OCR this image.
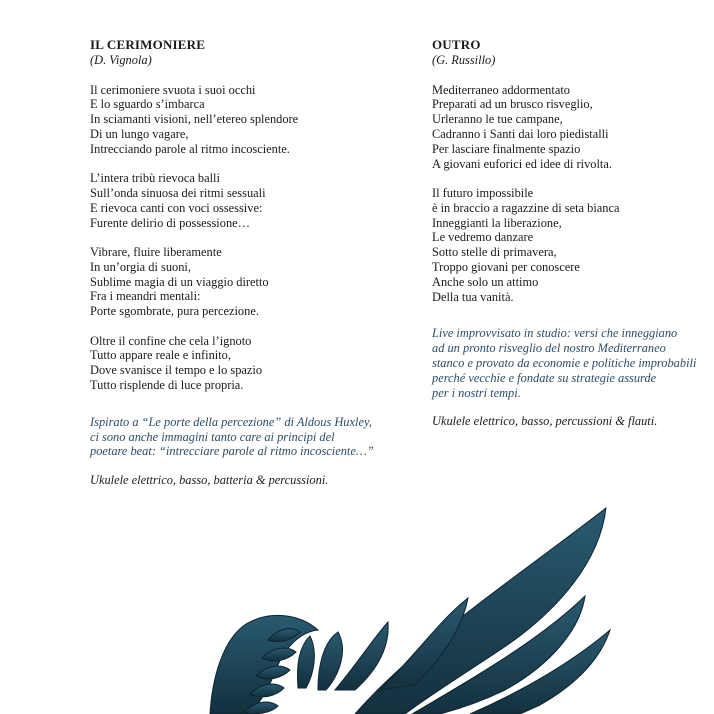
IL CERIMONIERE
(D. Vignola)
Il cerimoniere svuota i suoi occhi
E lo sguardo s’imbarca
In sciamanti visioni, nell’etereo splendore
Di un lungo vagare,
Intrecciando parole al ritmo incosciente.
L’intera tribù rievoca balli
Sull’onda sinuosa dei ritmi sessuali
E rievoca canti con voci ossessive:
Furente delirio di possessione…
Vibrare, fluire liberamente
In un’orgia di suoni,
Sublime magia di un viaggio diretto
Fra i meandri mentali:
Porte sgombrate, pura percezione.
Oltre il confine che cela l’ignoto
Tutto appare reale e infinito,
Dove svanisce il tempo e lo spazio
Tutto risplende di luce propria.
Ispirato a “Le porte della percezione” di Aldous Huxley,
ci sono anche immagini tanto care ai principi del
poetare beat: “intrecciare parole al ritmo incosciente…”
Ukulele elettrico, basso, batteria & percussioni.
OUTRO
(G. Russillo)
Mediterraneo addormentato
Preparati ad un brusco risveglio,
Urleranno le tue campane,
Cadranno i Santi dai loro piedistalli
Per lasciare finalmente spazio
A giovani euforici ed idee di rivolta.
Il futuro impossibile
è in braccio a ragazzine di seta bianca
Inneggianti la liberazione,
Le vedremo danzare
Sotto stelle di primavera,
Troppo giovani per conoscere
Anche solo un attimo
Della tua vanità.
Live improvvisato in studio: versi che inneggiano
ad un pronto risveglio del nostro Mediterraneo
stanco e provato da economie e politiche improbabili
perché vecchie e fondate su strategie assurde
per i nostri tempi.
Ukulele elettrico, basso, percussioni & flauti.
